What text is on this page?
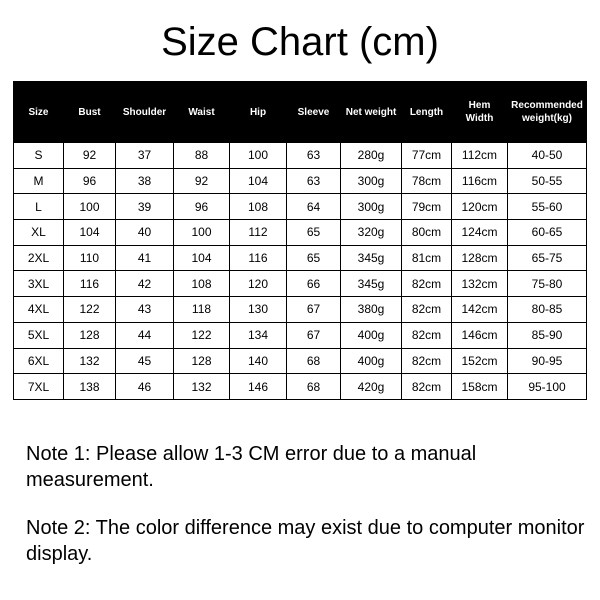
Size Chart (cm)
Size	Bust	Shoulder	Waist	Hip	Sleeve	Net weight	Length	Hem Width	Recommended weight(kg)
S	92	37	88	100	63	280g	77cm	112cm	40-50
M	96	38	92	104	63	300g	78cm	116cm	50-55
L	100	39	96	108	64	300g	79cm	120cm	55-60
XL	104	40	100	112	65	320g	80cm	124cm	60-65
2XL	110	41	104	116	65	345g	81cm	128cm	65-75
3XL	116	42	108	120	66	345g	82cm	132cm	75-80
4XL	122	43	118	130	67	380g	82cm	142cm	80-85
5XL	128	44	122	134	67	400g	82cm	146cm	85-90
6XL	132	45	128	140	68	400g	82cm	152cm	90-95
7XL	138	46	132	146	68	420g	82cm	158cm	95-100
Note 1: Please allow 1-3 CM error due to a manual measurement.
Note 2: The color difference may exist due to computer monitor display.
